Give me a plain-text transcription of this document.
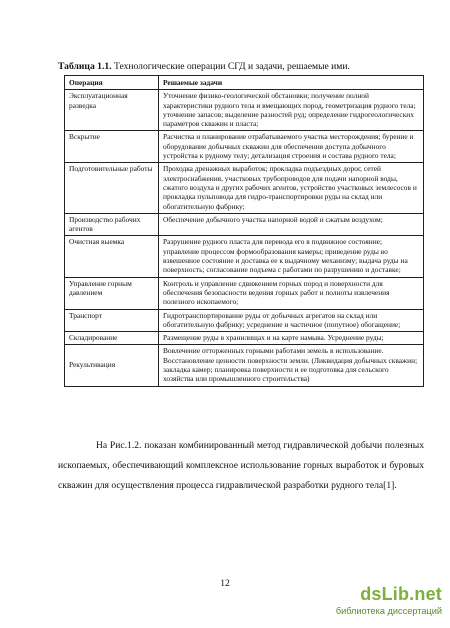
Таблица 1.1. Технологические операции СГД и задачи, решаемые ими.
Операция	Решаемые задачи
Эксплуатационная разведка	Уточнение физико-геологической обстановки; получение полной характеристики рудного тела и вмещающих пород, геометризация рудного тела; уточнение запасов; выделение разностей руд; определение гидрогеологических параметров скважин и пласта;
Вскрытие	Расчистка и планирование отрабатываемого участка месторождения; бурение и оборудование добычных скважин для обеспечения доступа добычного устройства к рудному телу; детализация строения и состава рудного тела;
Подготовительные работы	Проходка дренажных выработок; прокладка подъездных дорог, сетей электроснабжения, участковых трубопроводов для подачи напорной воды, сжатого воздуха и других рабочих агентов, устройство участковых землесосов и прокладка пульповода для гидро-транспортировки руды на склад или обогатительную фабрику;
Производство рабочих агентов	Обеспечение добычного участка напорной водой и сжатым воздухом;
Очистная выемка	Разрушение рудного пласта для перевода его в подвижное состояние; управление процессом формообразования камеры; приведение руды во взвешенное состояние и доставка ее к выдачному механизму; выдача руды на поверхность; согласование подъема с работами по разрушению и доставке;
Управление горным давлением	Контроль и управление сдвижением горных пород и поверхности для обеспечения безопасности ведения горных работ и полноты извлечения полезного ископаемого;
Транспорт	Гидротранспортирование руды от добычных агрегатов на склад или обогатительную фабрику; усреднение и частичное (попутное) обогащение;
Складирование	Размещение руды в хранилищах и на карте намыва. Усреднение руды;
Рекультивация	Вовлечение отторженных горными работами земель в использование. Восстановление ценности поверхности земли. (Ликвидация добычных скважин; закладка камер; планировка поверхности и ее подготовка для сельского хозяйства или промышленного строительства)
На Рис.1.2. показан комбинированный метод гидравлической добычи полезных ископаемых, обеспечивающий комплексное использование горных выработок и буровых скважин для осуществления процесса гидравлической разработки рудного тела[1].
12
dsLib.net
библиотека диссертаций
